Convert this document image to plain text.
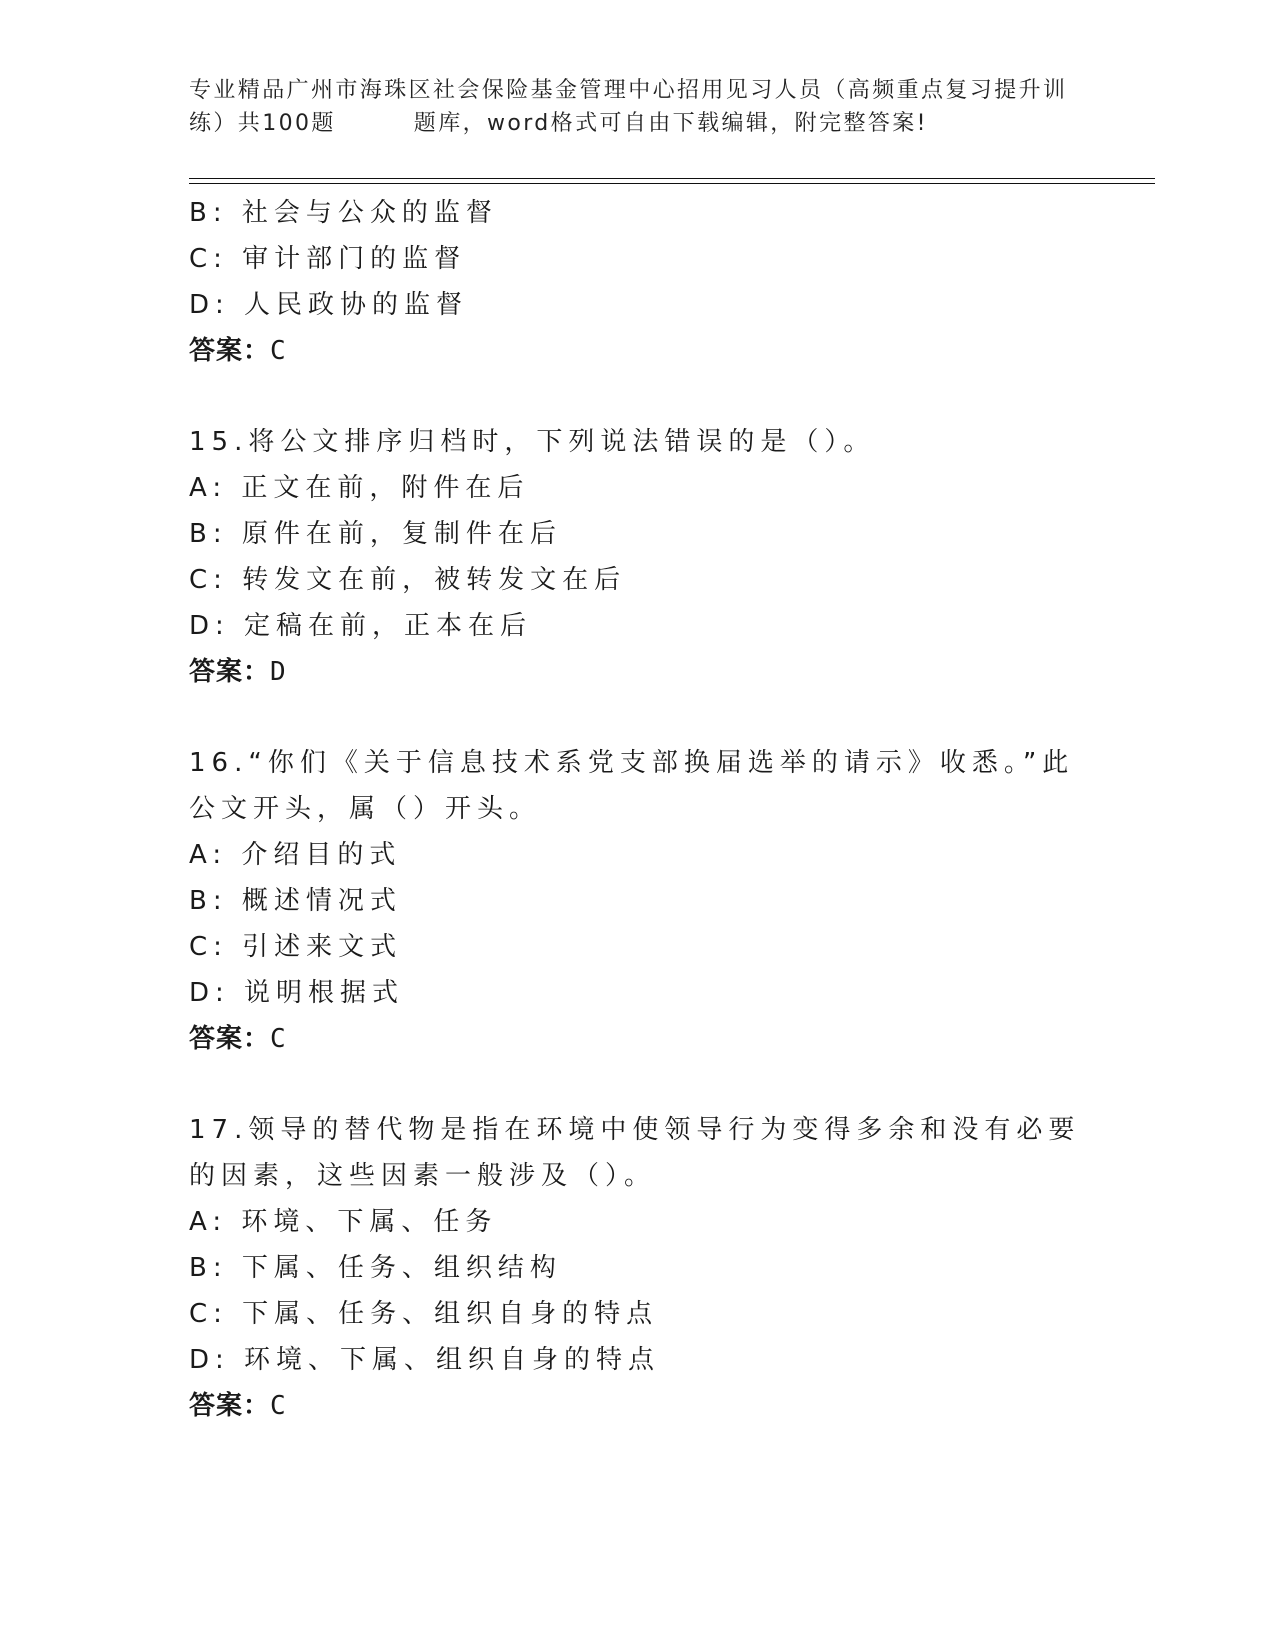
专业精品广州市海珠区社会保险基金管理中心招用见习人员（高频重点复习提升训
练）共100题	题库，word格式可自由下载编辑，附完整答案!
B: 社会与公众的监督
C: 审计部门的监督
D: 人民政协的监督
答案：C
15.将公文排序归档时，下列说法错误的是（）。
A: 正文在前，附件在后
B: 原件在前，复制件在后
C: 转发文在前，被转发文在后
D: 定稿在前，正本在后
答案：D
16.“你们《关于信息技术系党支部换届选举的请示》收悉。”此公文开头，属（）开头。
A: 介绍目的式
B: 概述情况式
C: 引述来文式
D: 说明根据式
答案：C
17.领导的替代物是指在环境中使领导行为变得多余和没有必要的因素，这些因素一般涉及（）。
A: 环境、下属、任务
B: 下属、任务、组织结构
C: 下属、任务、组织自身的特点
D: 环境、下属、组织自身的特点
答案：C
